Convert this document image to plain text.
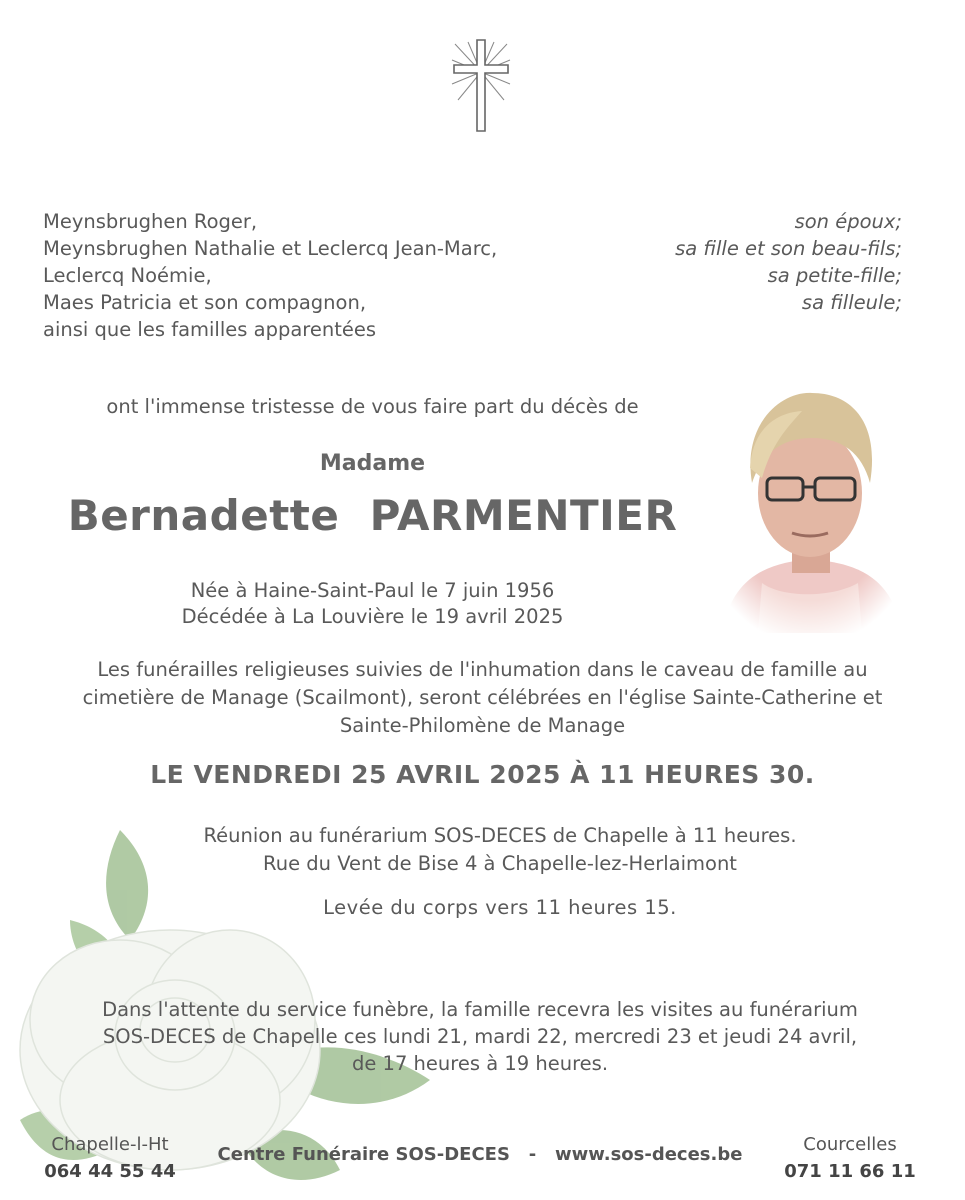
Meynsbrughen Roger,
Meynsbrughen Nathalie et Leclercq Jean-Marc,
Leclercq Noémie,
Maes Patricia et son compagnon,
ainsi que les familles apparentées
son époux;
sa fille et son beau-fils;
sa petite-fille;
sa filleule;
ont l'immense tristesse de vous faire part du décès de
Madame
Bernadette  PARMENTIER
Née à Haine-Saint-Paul le 7 juin 1956
Décédée à La Louvière le 19 avril 2025
Les funérailles religieuses suivies de l'inhumation dans le caveau de famille au
cimetière de Manage (Scailmont), seront célébrées en l'église Sainte-Catherine et
Sainte-Philomène de Manage
LE VENDREDI 25 AVRIL 2025 À 11 HEURES 30.
Réunion au funérarium SOS-DECES de Chapelle à 11 heures.
Rue du Vent de Bise 4 à Chapelle-lez-Herlaimont
Levée du corps vers 11 heures 15.
Dans l'attente du service funèbre, la famille recevra les visites au funérarium
SOS-DECES de Chapelle ces lundi 21, mardi 22, mercredi 23 et jeudi 24 avril,
de 17 heures à 19 heures.
Chapelle-l-Ht
064 44 55 44
Centre Funéraire SOS-DECES   -   www.sos-deces.be	Courcelles
071 11 66 11
